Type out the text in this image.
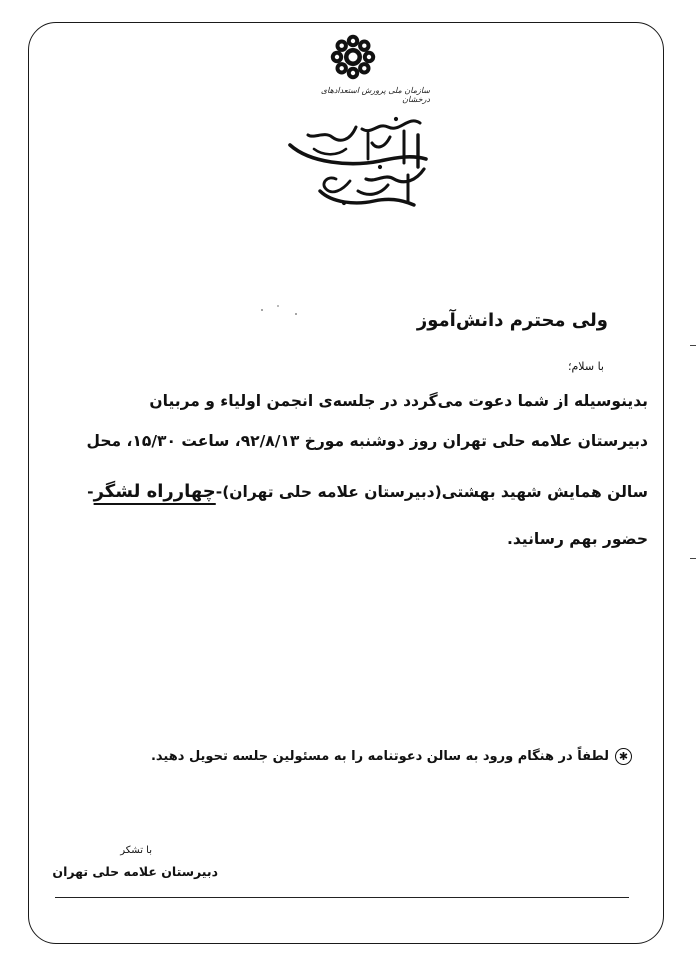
سازمان ملی پرورش استعدادهای درخشان
ولی محترم دانش‌آموز
با سلام؛
بدینوسیله از شما دعوت می‌گردد در جلسه‌ی انجمن اولیاء و مربیان
دبیرستان علامه حلی تهران روز دوشنبه مورخ ۹۲/۸/۱۳، ساعت ۱۵/۳۰، محل
سالن همایش شهید بهشتی(دبیرستان علامه حلی تهران)-چهارراه لشگر-
حضور بهم رسانید.
✱لطفاً در هنگام ورود به سالن دعوتنامه را به مسئولین جلسه تحویل دهید.
با تشکر
دبیرستان علامه حلی تهران
